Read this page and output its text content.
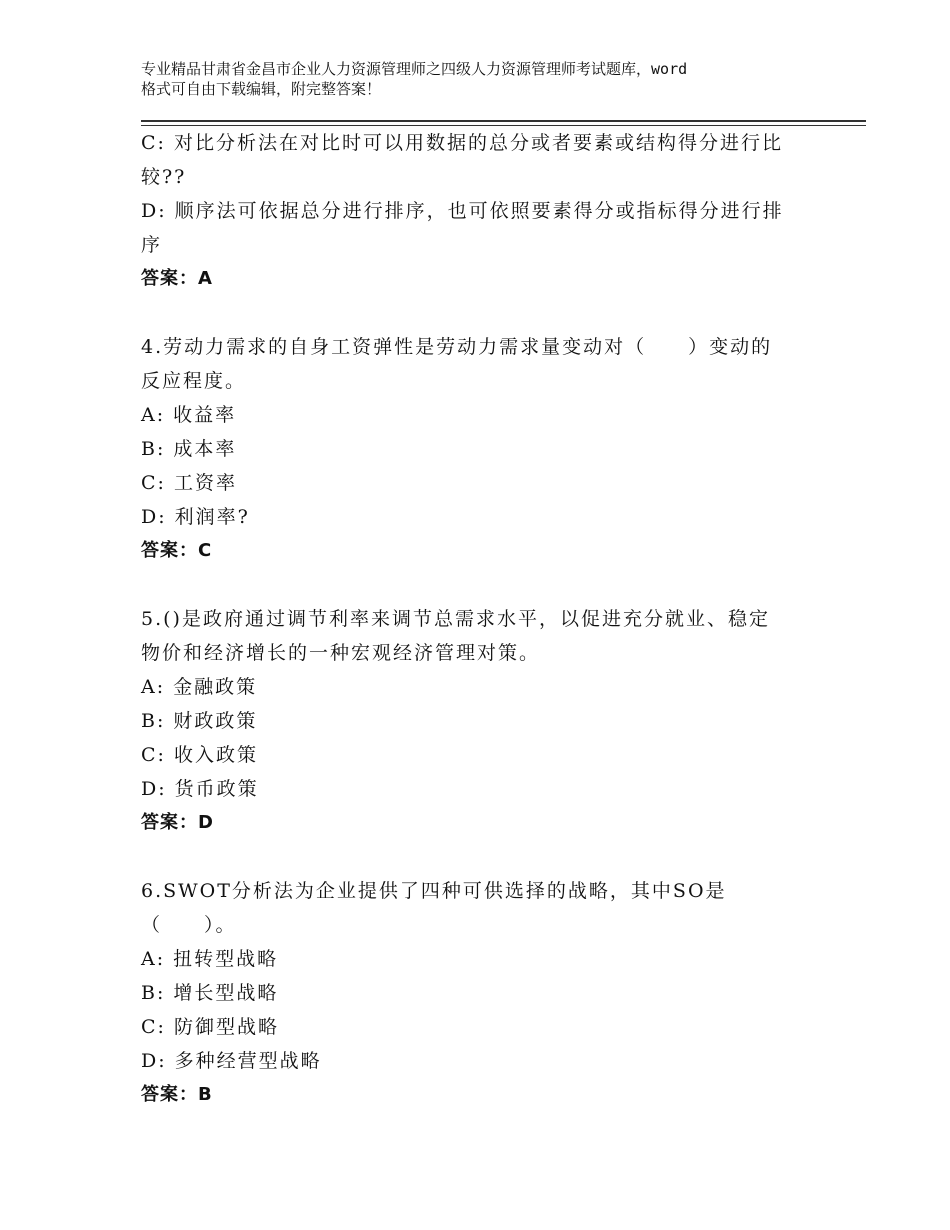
专业精品甘肃省金昌市企业人力资源管理师之四级人力资源管理师考试题库，word
格式可自由下载编辑，附完整答案！
C: 对比分析法在对比时可以用数据的总分或者要素或结构得分进行比
较??
D: 顺序法可依据总分进行排序，也可依照要素得分或指标得分进行排
序
答案：A
4.劳动力需求的自身工资弹性是劳动力需求量变动对（　　）变动的
反应程度。
A: 收益率
B: 成本率
C: 工资率
D: 利润率?
答案：C
5.()是政府通过调节利率来调节总需求水平，以促进充分就业、稳定
物价和经济增长的一种宏观经济管理对策。
A: 金融政策
B: 财政政策
C: 收入政策
D: 货币政策
答案：D
6.SWOT分析法为企业提供了四种可供选择的战略，其中SO是
（　　）。
A: 扭转型战略
B: 增长型战略
C: 防御型战略
D: 多种经营型战略
答案：B
